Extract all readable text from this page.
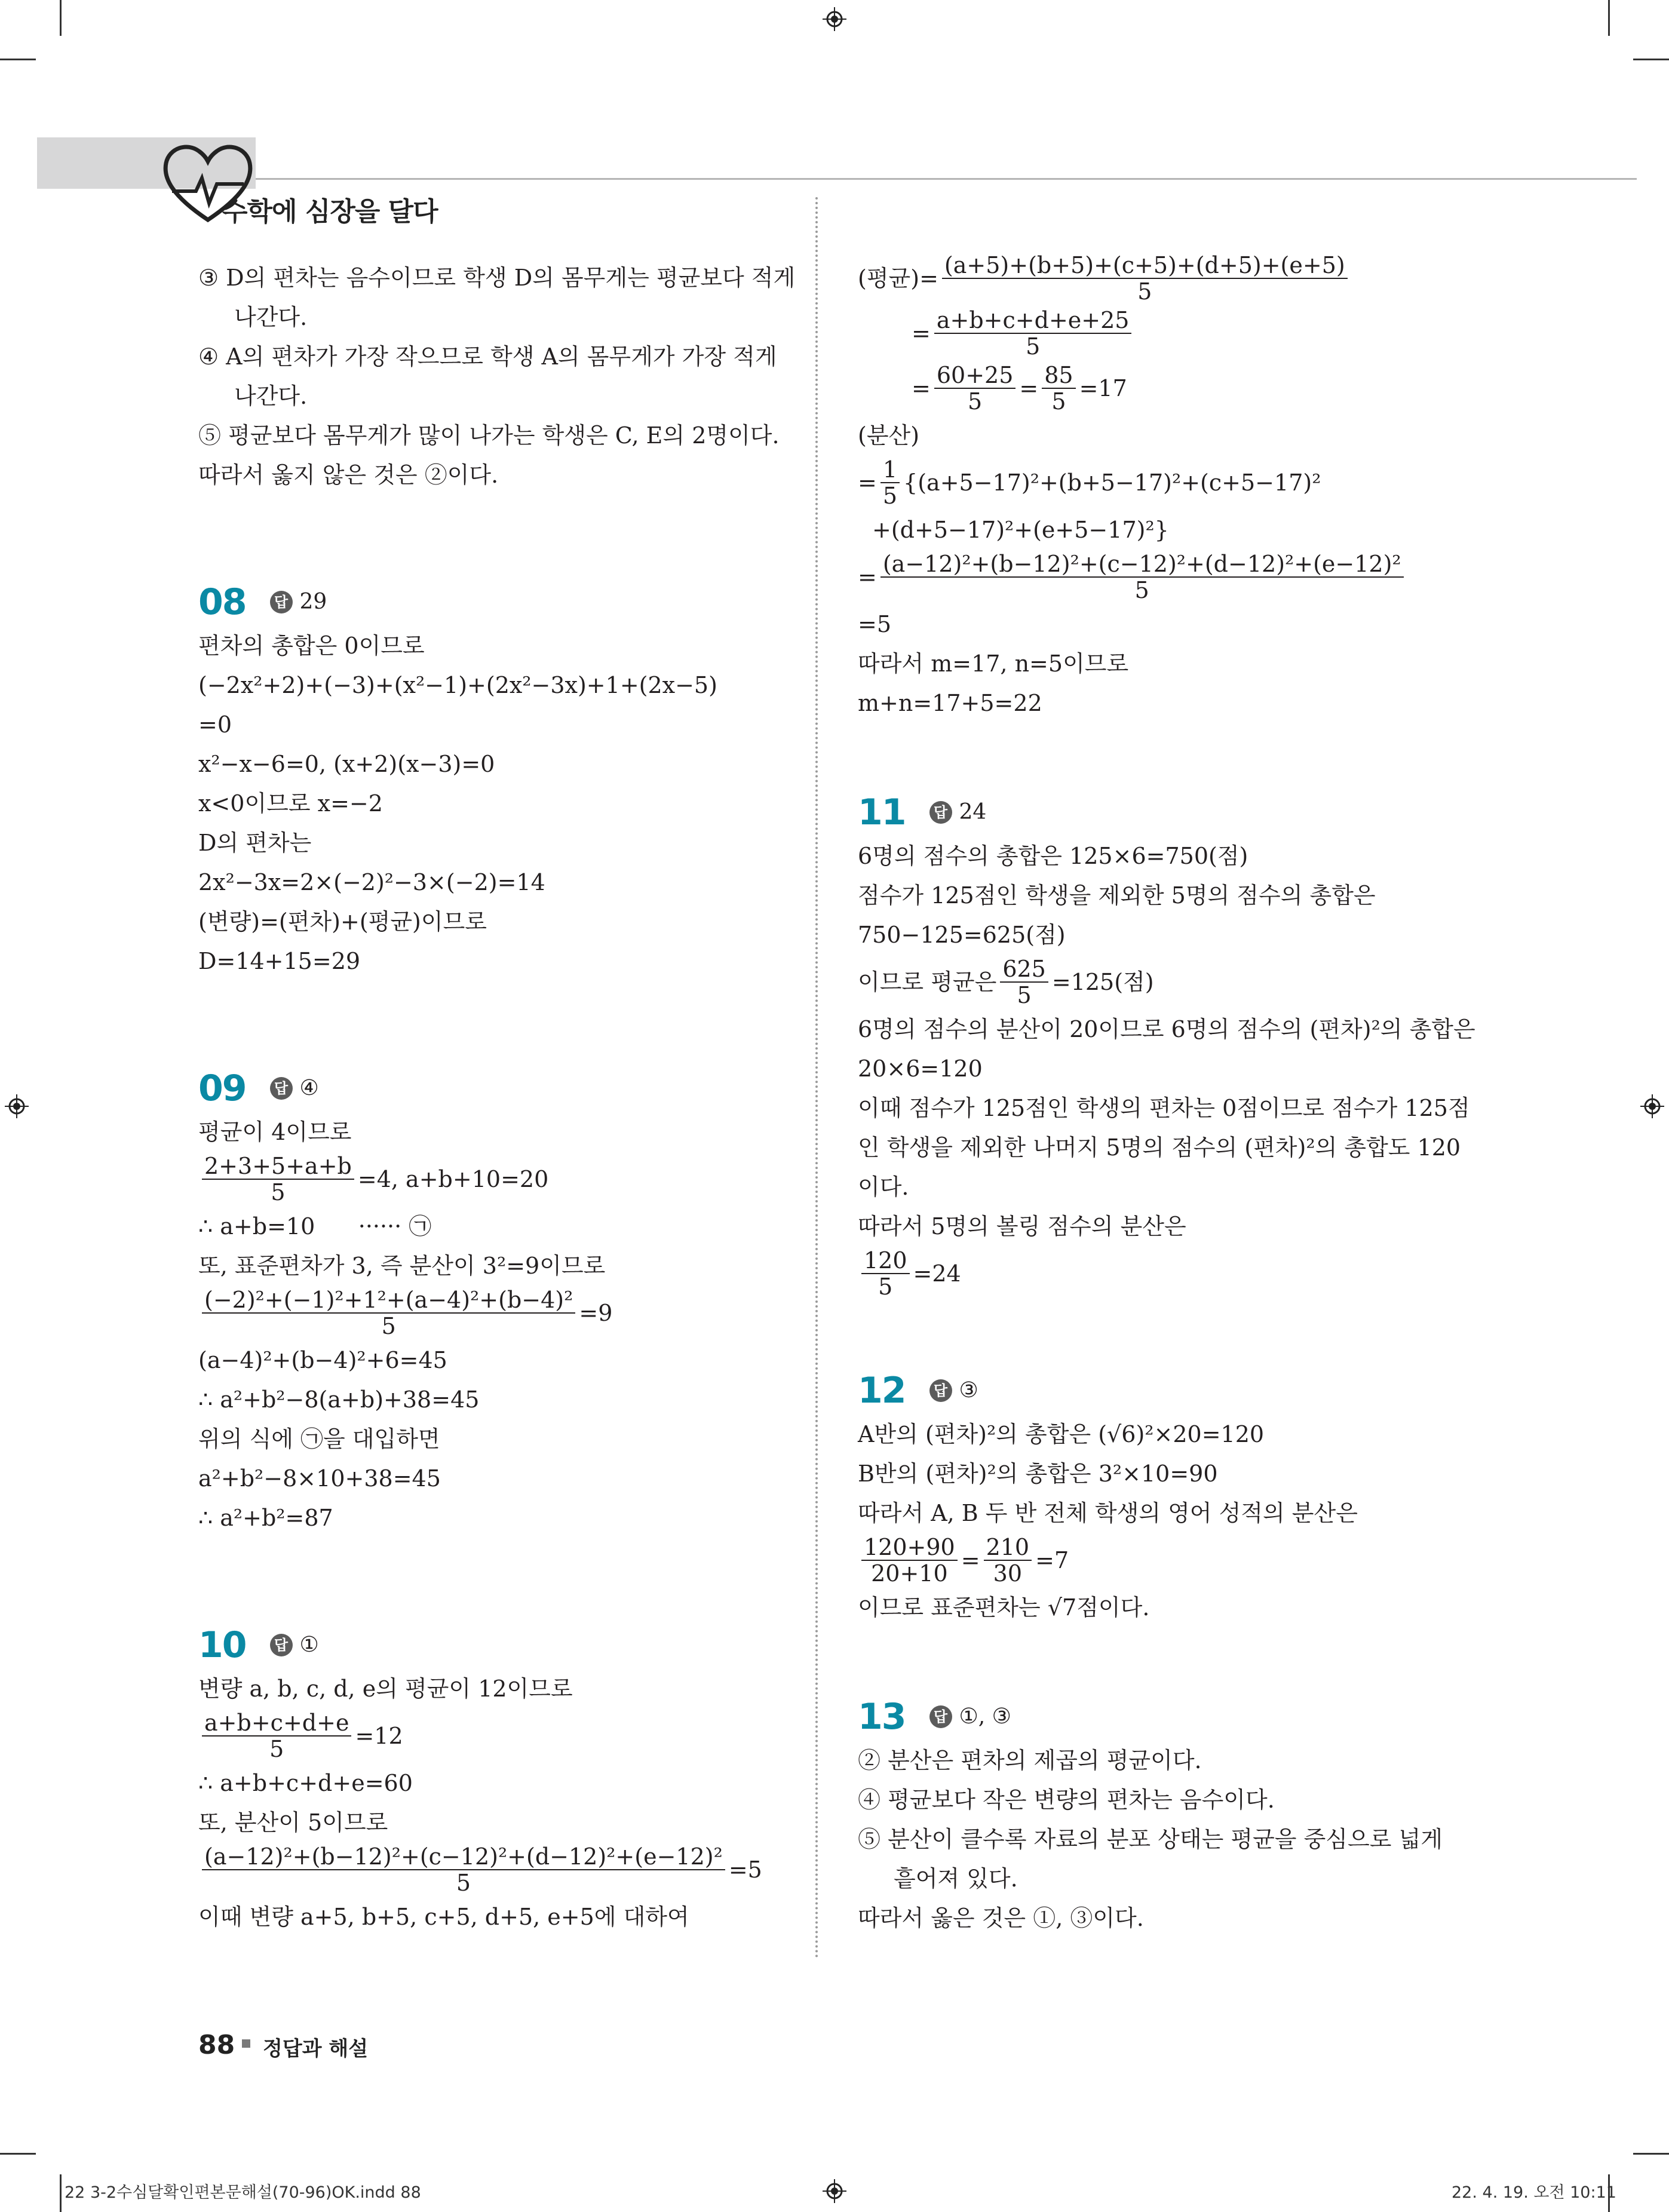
수학에 심장을 달다

③ D의 편차는 음수이므로 학생 D의 몸무게는 평균보다 적게

나간다.

④ A의 편차가 가장 작으므로 학생 A의 몸무게가 가장 적게

나간다.

⑤ 평균보다 몸무게가 많이 나가는 학생은 C, E의 2명이다.

따라서 옳지 않은 것은 ②이다.

08	답 29

편차의 총합은 0이므로

(−2x²+2)+(−3)+(x²−1)+(2x²−3x)+1+(2x−5)

=0

x²−x−6=0, (x+2)(x−3)=0

x<0이므로 x=−2

D의 편차는

2x²−3x=2×(−2)²−3×(−2)=14

(변량)=(편차)+(평균)이므로

D=14+15=29

09	답 ④

평균이 4이므로

$\frac{2+3+5+a+b}{5} =4$, a+b+10=20

∴ a+b=10      ······ ㉠

또, 표준편차가 3, 즉 분산이 3²=9이므로

$\frac{\text{(−2)²+(−1)²+1²+(a−4)²+(b−4)²}}{5} =9$

(a−4)²+(b−4)²+6=45

∴ a²+b²−8(a+b)+38=45

위의 식에 ㉠을 대입하면

a²+b²−8×10+38=45

∴ a²+b²=87

10	답 ①

변량 a, b, c, d, e의 평균이 12이므로

$\frac{a+b+c+d+e}{5} =12$

∴ a+b+c+d+e=60

또, 분산이 5이므로

$\frac{\text{(a−12)²+(b−12)²+(c−12)²+(d−12)²+(e−12)²}}{5} =5$

이때 변량 a+5, b+5, c+5, d+5, e+5에 대하여

(평균)= $\frac{(a+5)+(b+5)+(c+5)+(d+5)+(e+5)}{5}$
= $\frac{a+b+c+d+e+25}{5}$
= $\frac{60+25}{5} = \frac{85}{5} =17$

(분산)

= $\frac{1}{5} \{(a+5-17)^2+(b+5-17)^2+(c+5-17)^2$

+(d+5−17)²+(e+5−17)²}

= $\frac{\text{(a−12)²+(b−12)²+(c−12)²+(d−12)²+(e−12)²}}{5}$

=5

따라서 m=17, n=5이므로

m+n=17+5=22

11	답 24

6명의 점수의 총합은 125×6=750(점)

점수가 125점인 학생을 제외한 5명의 점수의 총합은

750−125=625(점)

이므로 평균은 $\frac{625}{5} =125$(점)

6명의 점수의 분산이 20이므로 6명의 점수의 (편차)²의 총합은

20×6=120

이때 점수가 125점인 학생의 편차는 0점이므로 점수가 125점

인 학생을 제외한 나머지 5명의 점수의 (편차)²의 총합도 120

이다.

따라서 5명의 볼링 점수의 분산은

$\frac{120}{5} =24$
12	답 ③

A반의 (편차)²의 총합은 (√6)²×20=120

B반의 (편차)²의 총합은 3²×10=90

따라서 A, B 두 반 전체 학생의 영어 성적의 분산은

$\frac{120+90}{20+10} = \frac{210}{30} =7$

이므로 표준편차는 √7점이다.

13	답 ①, ③

② 분산은 편차의 제곱의 평균이다.

④ 평균보다 작은 변량의 편차는 음수이다.

⑤ 분산이 클수록 자료의 분포 상태는 평균을 중심으로 넓게

흩어져 있다.

따라서 옳은 것은 ①, ③이다.

88 정답과 해설
22 3-2수심달확인편본문해설(70-96)OK.indd 88	22. 4. 19. 오전 10:11
